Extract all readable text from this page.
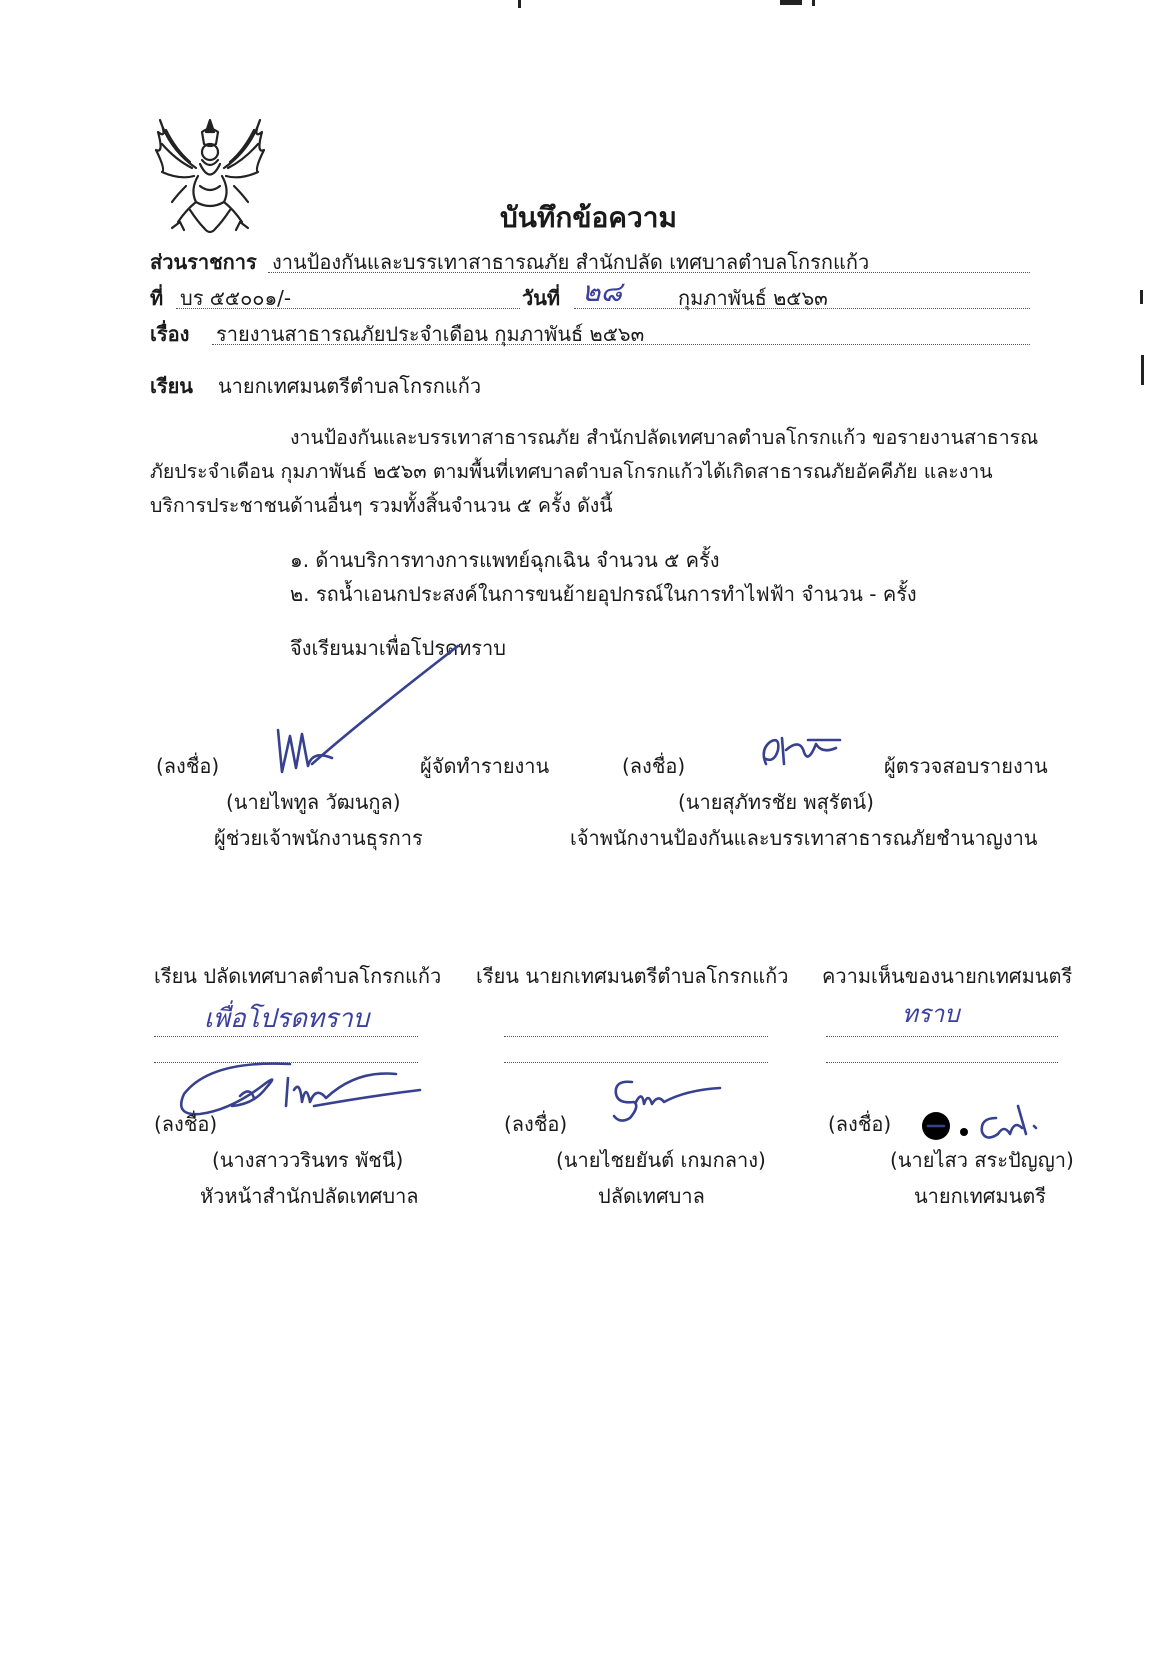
บันทึกข้อความ
ส่วนราชการ งานป้องกันและบรรเทาสาธารณภัย สำนักปลัด เทศบาลตำบลโกรกแก้ว
ที่ บร ๕๕๐๐๑/-	วันที่ ๒๘	กุมภาพันธ์ ๒๕๖๓
เรื่อง รายงานสาธารณภัยประจำเดือน กุมภาพันธ์ ๒๕๖๓
เรียน นายกเทศมนตรีตำบลโกรกแก้ว
งานป้องกันและบรรเทาสาธารณภัย สำนักปลัดเทศบาลตำบลโกรกแก้ว ขอรายงานสาธารณ
ภัยประจำเดือน กุมภาพันธ์ ๒๕๖๓ ตามพื้นที่เทศบาลตำบลโกรกแก้วได้เกิดสาธารณภัยอัคคีภัย และงาน
บริการประชาชนด้านอื่นๆ รวมทั้งสิ้นจำนวน ๕ ครั้ง ดังนี้
๑. ด้านบริการทางการแพทย์ฉุกเฉิน จำนวน ๕ ครั้ง
๒. รถน้ำเอนกประสงค์ในการขนย้ายอุปกรณ์ในการทำไฟฟ้า จำนวน - ครั้ง
จึงเรียนมาเพื่อโปรดทราบ
(ลงชื่อ)	ผู้จัดทำรายงาน
(นายไพทูล วัฒนกูล)
ผู้ช่วยเจ้าพนักงานธุรการ
(ลงชื่อ)	ผู้ตรวจสอบรายงาน
(นายสุภัทรชัย พสุรัตน์)
เจ้าพนักงานป้องกันและบรรเทาสาธารณภัยชำนาญงาน
เรียน ปลัดเทศบาลตำบลโกรกแก้ว
เพื่อโปรดทราบ
(ลงชื่อ)
(นางสาววรินทร พัชนี)
หัวหน้าสำนักปลัดเทศบาล
เรียน นายกเทศมนตรีตำบลโกรกแก้ว
(ลงชื่อ)
(นายไชยยันต์ เกมกลาง)
ปลัดเทศบาล
ความเห็นของนายกเทศมนตรี
ทราบ
(ลงชื่อ)
(นายไสว สระปัญญา)
นายกเทศมนตรี
